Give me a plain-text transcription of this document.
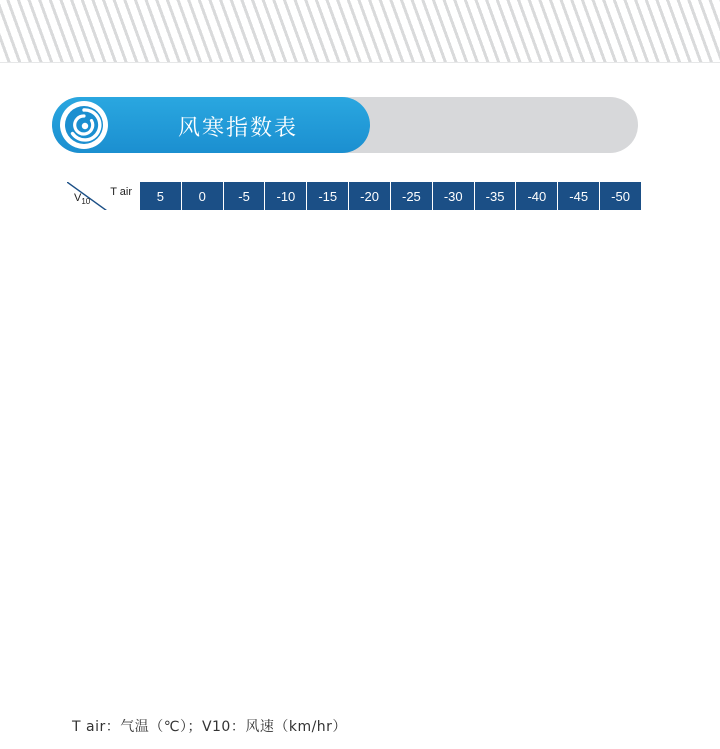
风寒指数表
T air
$V_{10}$	5	0	-5	-10	-15	-20	-25	-30	-35	-40	-45	-50
T air：气温（℃）；V10：风速（km/hr）
